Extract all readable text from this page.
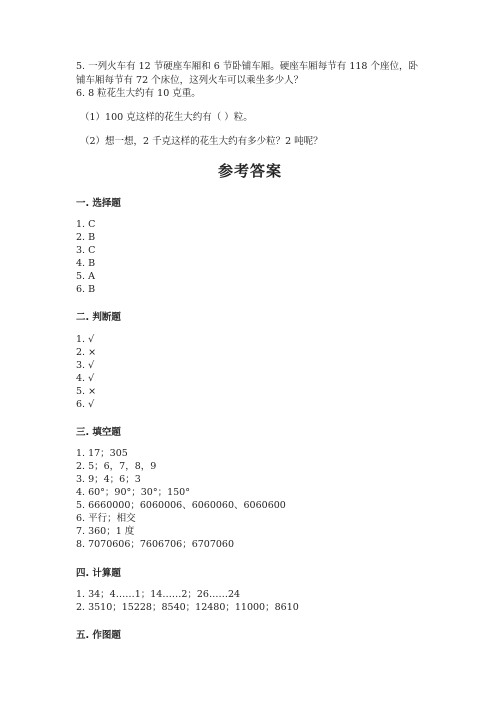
5. 一列火车有 12 节硬座车厢和 6 节卧铺车厢。硬座车厢每节有 118 个座位，卧
铺车厢每节有 72 个床位，这列火车可以乘坐多少人？
6. 8 粒花生大约有 10 克重。
（1）100 克这样的花生大约有（ ）粒。
（2）想一想，2 千克这样的花生大约有多少粒？2 吨呢？
参考答案
一. 选择题
1. C
2. B
3. C
4. B
5. A
6. B
二. 判断题
1. √
2. ×
3. √
4. √
5. ×
6. √
三. 填空题
1. 17；305
2. 5；6，7，8，9
3. 9；4；6；3
4. 60°；90°；30°；150°
5. 6660000；6060006、6060060、6060600
6. 平行；相交
7. 360；1 度
8. 7070606；7606706；6707060
四. 计算题
1. 34；4……1；14……2；26……24
2. 3510；15228；8540；12480；11000；8610
五. 作图题
